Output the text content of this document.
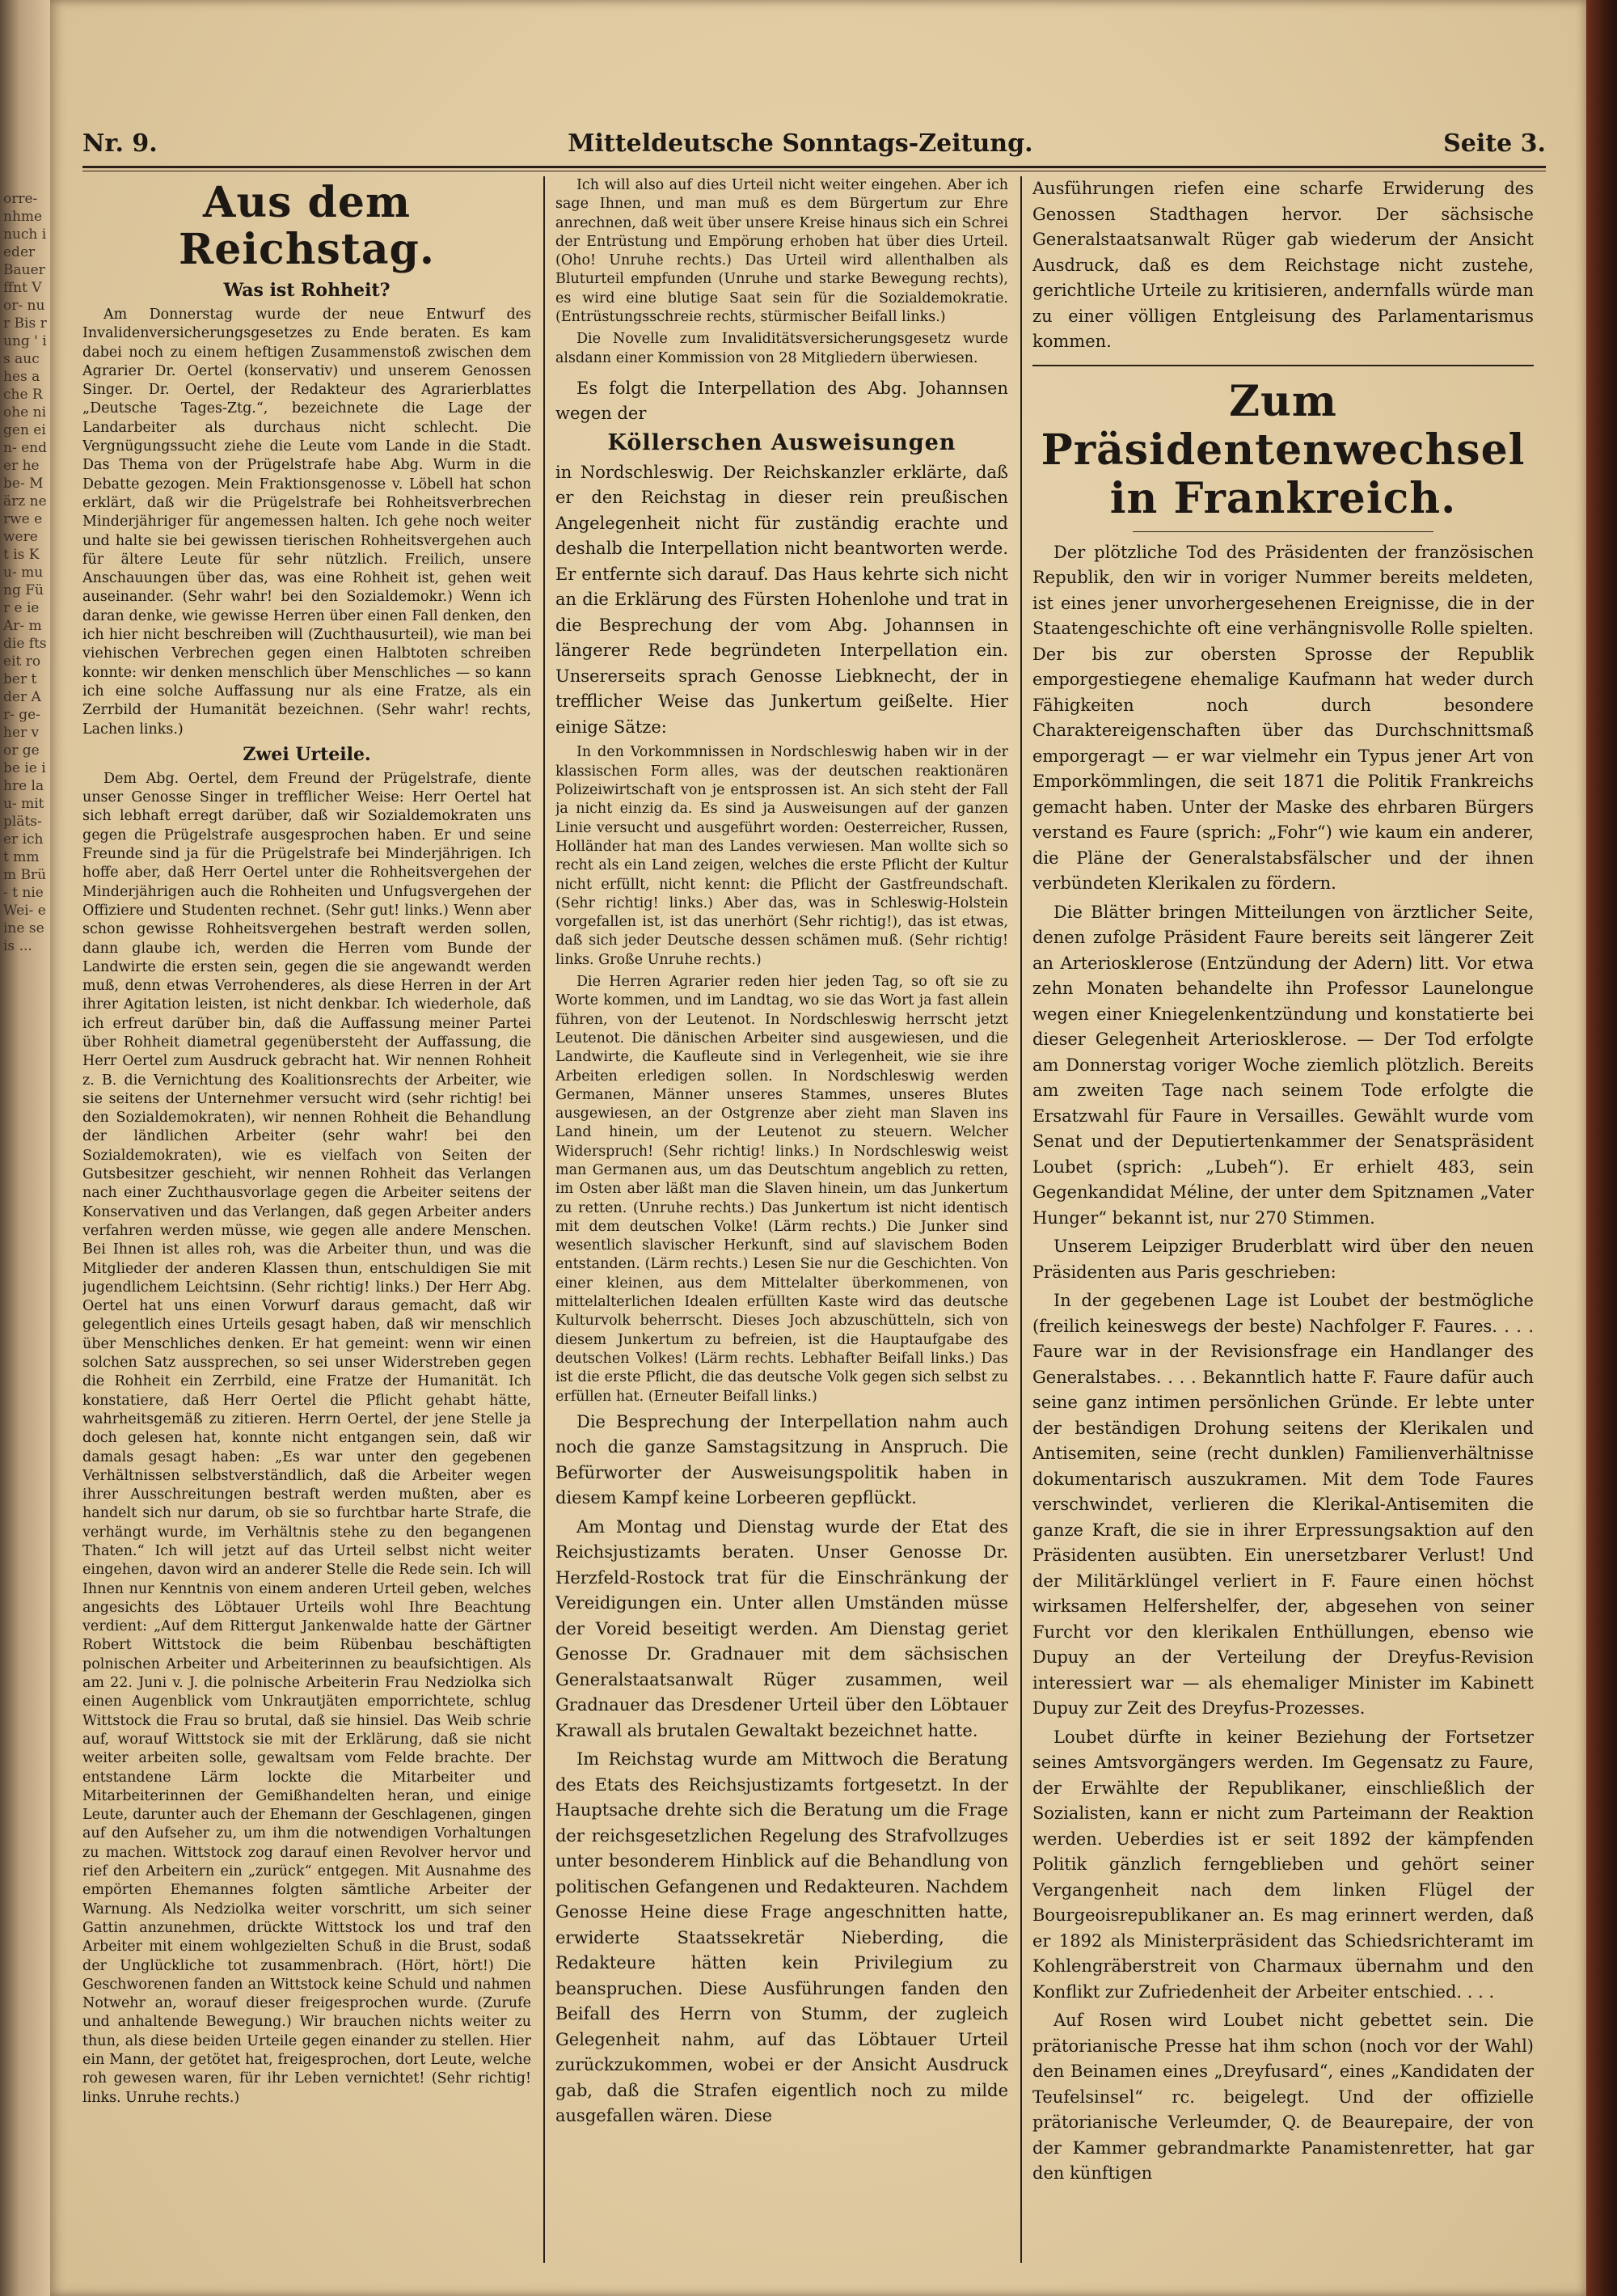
orre- nhme nuch ieder Bauer ffnt Vor- nur Bis rung ' is auches ache Rohe nigen ein- ender he be- März nerwe ewere t is Ku- mung Für e ie Ar- m die ftseit rober t der Ar- ge- her vor gebe ie ihre lau- mit pläts- er icht mmm Brü- t nie Wei- eine se is ...
Nr. 9.	Mitteldeutsche Sonntags-Zeitung.	Seite 3.
Aus dem Reichstag.
Was ist Rohheit?

Am Donnerstag wurde der neue Entwurf des Invalidenversicherungsgesetzes zu Ende beraten. Es kam dabei noch zu einem heftigen Zusammenstoß zwischen dem Agrarier Dr. Oertel (konservativ) und unserem Genossen Singer. Dr. Oertel, der Redakteur des Agrarierblattes „Deutsche Tages-Ztg.“, bezeichnete die Lage der Landarbeiter als durchaus nicht schlecht. Die Vergnügungssucht ziehe die Leute vom Lande in die Stadt. Das Thema von der Prügelstrafe habe Abg. Wurm in die Debatte gezogen. Mein Fraktionsgenosse v. Löbell hat schon erklärt, daß wir die Prügelstrafe bei Rohheitsverbrechen Minderjähriger für angemessen halten. Ich gehe noch weiter und halte sie bei gewissen tierischen Rohheitsvergehen auch für ältere Leute für sehr nützlich. Freilich, unsere Anschauungen über das, was eine Rohheit ist, gehen weit auseinander. (Sehr wahr! bei den Sozialdemokr.) Wenn ich daran denke, wie gewisse Herren über einen Fall denken, den ich hier nicht beschreiben will (Zuchthausurteil), wie man bei viehischen Verbrechen gegen einen Halbtoten schreiben konnte: wir denken menschlich über Menschliches — so kann ich eine solche Auffassung nur als eine Fratze, als ein Zerrbild der Humanität bezeichnen. (Sehr wahr! rechts, Lachen links.)

Zwei Urteile.

Dem Abg. Oertel, dem Freund der Prügelstrafe, diente unser Genosse Singer in trefflicher Weise: Herr Oertel hat sich lebhaft erregt darüber, daß wir Sozialdemokraten uns gegen die Prügelstrafe ausgesprochen haben. Er und seine Freunde sind ja für die Prügelstrafe bei Minderjährigen. Ich hoffe aber, daß Herr Oertel unter die Rohheitsvergehen der Minderjährigen auch die Rohheiten und Unfugsvergehen der Offiziere und Studenten rechnet. (Sehr gut! links.) Wenn aber schon gewisse Rohheitsvergehen bestraft werden sollen, dann glaube ich, werden die Herren vom Bunde der Landwirte die ersten sein, gegen die sie angewandt werden muß, denn etwas Verrohenderes, als diese Herren in der Art ihrer Agitation leisten, ist nicht denkbar. Ich wiederhole, daß ich erfreut darüber bin, daß die Auffassung meiner Partei über Rohheit diametral gegenübersteht der Auffassung, die Herr Oertel zum Ausdruck gebracht hat. Wir nennen Rohheit z. B. die Vernichtung des Koalitionsrechts der Arbeiter, wie sie seitens der Unternehmer versucht wird (sehr richtig! bei den Sozialdemokraten), wir nennen Rohheit die Behandlung der ländlichen Arbeiter (sehr wahr! bei den Sozialdemokraten), wie es vielfach von Seiten der Gutsbesitzer geschieht, wir nennen Rohheit das Verlangen nach einer Zuchthausvorlage gegen die Arbeiter seitens der Konservativen und das Verlangen, daß gegen Arbeiter anders verfahren werden müsse, wie gegen alle andere Menschen. Bei Ihnen ist alles roh, was die Arbeiter thun, und was die Mitglieder der anderen Klassen thun, entschuldigen Sie mit jugendlichem Leichtsinn. (Sehr richtig! links.) Der Herr Abg. Oertel hat uns einen Vorwurf daraus gemacht, daß wir gelegentlich eines Urteils gesagt haben, daß wir menschlich über Menschliches denken. Er hat gemeint: wenn wir einen solchen Satz aussprechen, so sei unser Widerstreben gegen die Rohheit ein Zerrbild, eine Fratze der Humanität. Ich konstatiere, daß Herr Oertel die Pflicht gehabt hätte, wahrheitsgemäß zu zitieren. Herrn Oertel, der jene Stelle ja doch gelesen hat, konnte nicht entgangen sein, daß wir damals gesagt haben: „Es war unter den gegebenen Verhältnissen selbstverständlich, daß die Arbeiter wegen ihrer Ausschreitungen bestraft werden mußten, aber es handelt sich nur darum, ob sie so furchtbar harte Strafe, die verhängt wurde, im Verhältnis stehe zu den begangenen Thaten.“ Ich will jetzt auf das Urteil selbst nicht weiter eingehen, davon wird an anderer Stelle die Rede sein. Ich will Ihnen nur Kenntnis von einem anderen Urteil geben, welches angesichts des Löbtauer Urteils wohl Ihre Beachtung verdient: „Auf dem Rittergut Jankenwalde hatte der Gärtner Robert Wittstock die beim Rübenbau beschäftigten polnischen Arbeiter und Arbeiterinnen zu beaufsichtigen. Als am 22. Juni v. J. die polnische Arbeiterin Frau Nedziolka sich einen Augenblick vom Unkrautjäten emporrichtete, schlug Wittstock die Frau so brutal, daß sie hinsiel. Das Weib schrie auf, worauf Wittstock sie mit der Erklärung, daß sie nicht weiter arbeiten solle, gewaltsam vom Felde brachte. Der entstandene Lärm lockte die Mitarbeiter und Mitarbeiterinnen der Gemißhandelten heran, und einige Leute, darunter auch der Ehemann der Geschlagenen, gingen auf den Aufseher zu, um ihm die notwendigen Vorhaltungen zu machen. Wittstock zog darauf einen Revolver hervor und rief den Arbeitern ein „zurück“ entgegen. Mit Ausnahme des empörten Ehemannes folgten sämtliche Arbeiter der Warnung. Als Nedziolka weiter vorschritt, um sich seiner Gattin anzunehmen, drückte Wittstock los und traf den Arbeiter mit einem wohlgezielten Schuß in die Brust, sodaß der Unglückliche tot zusammenbrach. (Hört, hört!) Die Geschworenen fanden an Wittstock keine Schuld und nahmen Notwehr an, worauf dieser freigesprochen wurde. (Zurufe und anhaltende Bewegung.) Wir brauchen nichts weiter zu thun, als diese beiden Urteile gegen einander zu stellen. Hier ein Mann, der getötet hat, freigesprochen, dort Leute, welche roh gewesen waren, für ihr Leben vernichtet! (Sehr richtig! links. Unruhe rechts.)

Ich will also auf dies Urteil nicht weiter eingehen. Aber ich sage Ihnen, und man muß es dem Bürgertum zur Ehre anrechnen, daß weit über unsere Kreise hinaus sich ein Schrei der Entrüstung und Empörung erhoben hat über dies Urteil. (Oho! Unruhe rechts.) Das Urteil wird allenthalben als Bluturteil empfunden (Unruhe und starke Bewegung rechts), es wird eine blutige Saat sein für die Sozialdemokratie. (Entrüstungsschreie rechts, stürmischer Beifall links.)

Die Novelle zum Invaliditätsversicherungsgesetz wurde alsdann einer Kommission von 28 Mitgliedern überwiesen.

Es folgt die Interpellation des Abg. Johannsen wegen der

Köllerschen Ausweisungen

in Nordschleswig. Der Reichskanzler erklärte, daß er den Reichstag in dieser rein preußischen Angelegenheit nicht für zuständig erachte und deshalb die Interpellation nicht beantworten werde. Er entfernte sich darauf. Das Haus kehrte sich nicht an die Erklärung des Fürsten Hohenlohe und trat in die Besprechung der vom Abg. Johannsen in längerer Rede begründeten Interpellation ein. Unsererseits sprach Genosse Liebknecht, der in trefflicher Weise das Junkertum geißelte. Hier einige Sätze:

In den Vorkommnissen in Nordschleswig haben wir in der klassischen Form alles, was der deutschen reaktionären Polizeiwirtschaft von je entsprossen ist. An sich steht der Fall ja nicht einzig da. Es sind ja Ausweisungen auf der ganzen Linie versucht und ausgeführt worden: Oesterreicher, Russen, Holländer hat man des Landes verwiesen. Man wollte sich so recht als ein Land zeigen, welches die erste Pflicht der Kultur nicht erfüllt, nicht kennt: die Pflicht der Gastfreundschaft. (Sehr richtig! links.) Aber das, was in Schleswig-Holstein vorgefallen ist, ist das unerhört (Sehr richtig!), das ist etwas, daß sich jeder Deutsche dessen schämen muß. (Sehr richtig! links. Große Unruhe rechts.)

Die Herren Agrarier reden hier jeden Tag, so oft sie zu Worte kommen, und im Landtag, wo sie das Wort ja fast allein führen, von der Leutenot. In Nordschleswig herrscht jetzt Leutenot. Die dänischen Arbeiter sind ausgewiesen, und die Landwirte, die Kaufleute sind in Verlegenheit, wie sie ihre Arbeiten erledigen sollen. In Nordschleswig werden Germanen, Männer unseres Stammes, unseres Blutes ausgewiesen, an der Ostgrenze aber zieht man Slaven ins Land hinein, um der Leutenot zu steuern. Welcher Widerspruch! (Sehr richtig! links.) In Nordschleswig weist man Germanen aus, um das Deutschtum angeblich zu retten, im Osten aber läßt man die Slaven hinein, um das Junkertum zu retten. (Unruhe rechts.) Das Junkertum ist nicht identisch mit dem deutschen Volke! (Lärm rechts.) Die Junker sind wesentlich slavischer Herkunft, sind auf slavischem Boden entstanden. (Lärm rechts.) Lesen Sie nur die Geschichten. Von einer kleinen, aus dem Mittelalter überkommenen, von mittelalterlichen Idealen erfüllten Kaste wird das deutsche Kulturvolk beherrscht. Dieses Joch abzuschütteln, sich von diesem Junkertum zu befreien, ist die Hauptaufgabe des deutschen Volkes! (Lärm rechts. Lebhafter Beifall links.) Das ist die erste Pflicht, die das deutsche Volk gegen sich selbst zu erfüllen hat. (Erneuter Beifall links.)

Die Besprechung der Interpellation nahm auch noch die ganze Samstagsitzung in Anspruch. Die Befürworter der Ausweisungspolitik haben in diesem Kampf keine Lorbeeren gepflückt.

Am Montag und Dienstag wurde der Etat des Reichsjustizamts beraten. Unser Genosse Dr. Herzfeld-Rostock trat für die Einschränkung der Vereidigungen ein. Unter allen Umständen müsse der Voreid beseitigt werden. Am Dienstag geriet Genosse Dr. Gradnauer mit dem sächsischen Generalstaatsanwalt Rüger zusammen, weil Gradnauer das Dresdener Urteil über den Löbtauer Krawall als brutalen Gewaltakt bezeichnet hatte.

Im Reichstag wurde am Mittwoch die Beratung des Etats des Reichsjustizamts fortgesetzt. In der Hauptsache drehte sich die Beratung um die Frage der reichsgesetzlichen Regelung des Strafvollzuges unter besonderem Hinblick auf die Behandlung von politischen Gefangenen und Redakteuren. Nachdem Genosse Heine diese Frage angeschnitten hatte, erwiderte Staatssekretär Nieberding, die Redakteure hätten kein Privilegium zu beanspruchen. Diese Ausführungen fanden den Beifall des Herrn von Stumm, der zugleich Gelegenheit nahm, auf das Löbtauer Urteil zurückzukommen, wobei er der Ansicht Ausdruck gab, daß die Strafen eigentlich noch zu milde ausgefallen wären. Diese

Ausführungen riefen eine scharfe Erwiderung des Genossen Stadthagen hervor. Der sächsische Generalstaatsanwalt Rüger gab wiederum der Ansicht Ausdruck, daß es dem Reichstage nicht zustehe, gerichtliche Urteile zu kritisieren, andernfalls würde man zu einer völligen Entgleisung des Parlamentarismus kommen.

Zum Präsidentenwechsel in Frankreich.

Der plötzliche Tod des Präsidenten der französischen Republik, den wir in voriger Nummer bereits meldeten, ist eines jener unvorhergesehenen Ereignisse, die in der Staatengeschichte oft eine verhängnisvolle Rolle spielten. Der bis zur obersten Sprosse der Republik emporgestiegene ehemalige Kaufmann hat weder durch Fähigkeiten noch durch besondere Charaktereigenschaften über das Durchschnittsmaß emporgeragt — er war vielmehr ein Typus jener Art von Emporkömmlingen, die seit 1871 die Politik Frankreichs gemacht haben. Unter der Maske des ehrbaren Bürgers verstand es Faure (sprich: „Fohr“) wie kaum ein anderer, die Pläne der Generalstabsfälscher und der ihnen verbündeten Klerikalen zu fördern.

Die Blätter bringen Mitteilungen von ärztlicher Seite, denen zufolge Präsident Faure bereits seit längerer Zeit an Arteriosklerose (Entzündung der Adern) litt. Vor etwa zehn Monaten behandelte ihn Professor Launelongue wegen einer Kniegelenkentzündung und konstatierte bei dieser Gelegenheit Arteriosklerose. — Der Tod erfolgte am Donnerstag voriger Woche ziemlich plötzlich. Bereits am zweiten Tage nach seinem Tode erfolgte die Ersatzwahl für Faure in Versailles. Gewählt wurde vom Senat und der Deputiertenkammer der Senatspräsident Loubet (sprich: „Lubeh“). Er erhielt 483, sein Gegenkandidat Méline, der unter dem Spitznamen „Vater Hunger“ bekannt ist, nur 270 Stimmen.

Unserem Leipziger Bruderblatt wird über den neuen Präsidenten aus Paris geschrieben:

In der gegebenen Lage ist Loubet der bestmögliche (freilich keineswegs der beste) Nachfolger F. Faures. . . . Faure war in der Revisionsfrage ein Handlanger des Generalstabes. . . . Bekanntlich hatte F. Faure dafür auch seine ganz intimen persönlichen Gründe. Er lebte unter der beständigen Drohung seitens der Klerikalen und Antisemiten, seine (recht dunklen) Familienverhältnisse dokumentarisch auszukramen. Mit dem Tode Faures verschwindet, verlieren die Klerikal-Antisemiten die ganze Kraft, die sie in ihrer Erpressungsaktion auf den Präsidenten ausübten. Ein unersetzbarer Verlust! Und der Militärklüngel verliert in F. Faure einen höchst wirksamen Helfershelfer, der, abgesehen von seiner Furcht vor den klerikalen Enthüllungen, ebenso wie Dupuy an der Verteilung der Dreyfus-Revision interessiert war — als ehemaliger Minister im Kabinett Dupuy zur Zeit des Dreyfus-Prozesses.

Loubet dürfte in keiner Beziehung der Fortsetzer seines Amtsvorgängers werden. Im Gegensatz zu Faure, der Erwählte der Republikaner, einschließlich der Sozialisten, kann er nicht zum Parteimann der Reaktion werden. Ueberdies ist er seit 1892 der kämpfenden Politik gänzlich ferngeblieben und gehört seiner Vergangenheit nach dem linken Flügel der Bourgeoisrepublikaner an. Es mag erinnert werden, daß er 1892 als Ministerpräsident das Schiedsrichteramt im Kohlengräberstreit von Charmaux übernahm und den Konflikt zur Zufriedenheit der Arbeiter entschied. . . .

Auf Rosen wird Loubet nicht gebettet sein. Die prätorianische Presse hat ihm schon (noch vor der Wahl) den Beinamen eines „Dreyfusard“, eines „Kandidaten der Teufelsinsel“ rc. beigelegt. Und der offizielle prätorianische Verleumder, Q. de Beaurepaire, der von der Kammer gebrandmarkte Panamistenretter, hat gar den künftigen
